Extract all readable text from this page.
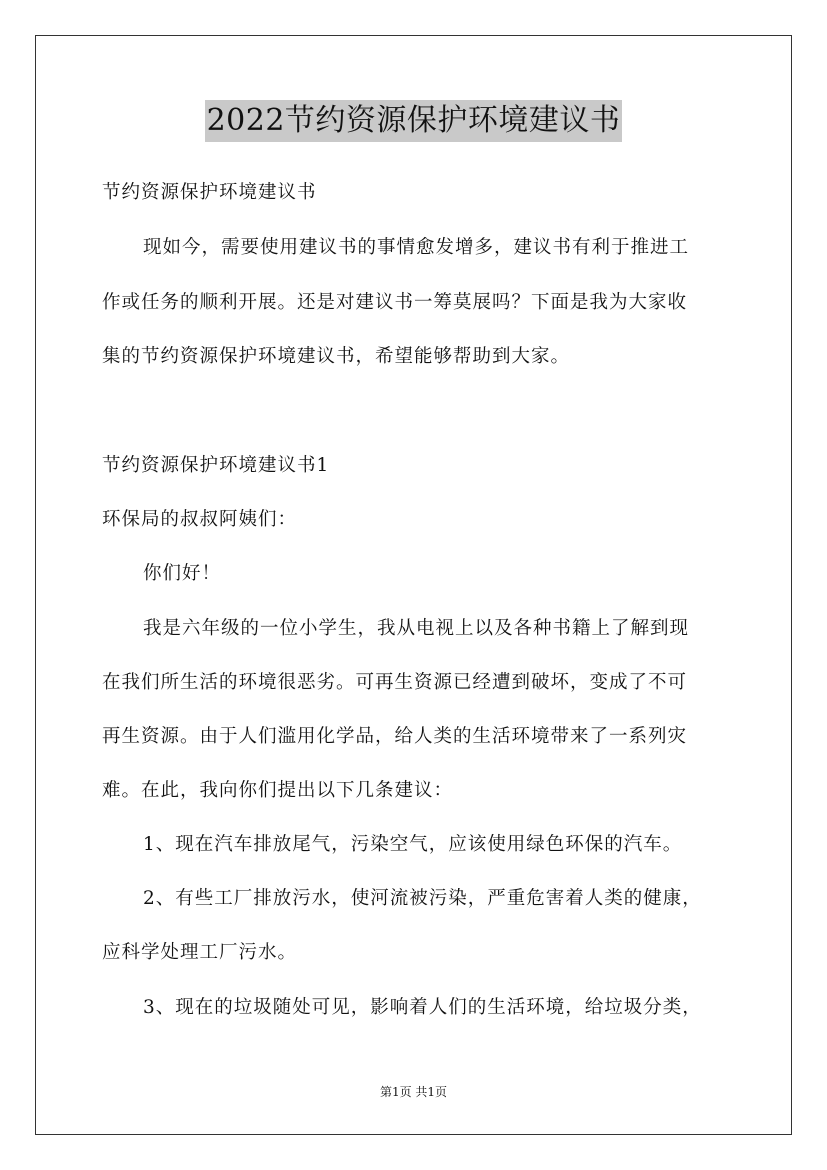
2022节约资源保护环境建议书
节约资源保护环境建议书
现如今，需要使用建议书的事情愈发增多，建议书有利于推进工
作或任务的顺利开展。还是对建议书一筹莫展吗？下面是我为大家收
集的节约资源保护环境建议书，希望能够帮助到大家。
节约资源保护环境建议书1
环保局的叔叔阿姨们：
你们好！
我是六年级的一位小学生，我从电视上以及各种书籍上了解到现
在我们所生活的环境很恶劣。可再生资源已经遭到破坏，变成了不可
再生资源。由于人们滥用化学品，给人类的生活环境带来了一系列灾
难。在此，我向你们提出以下几条建议：
1、现在汽车排放尾气，污染空气，应该使用绿色环保的汽车。
2、有些工厂排放污水，使河流被污染，严重危害着人类的健康，
应科学处理工厂污水。
3、现在的垃圾随处可见，影响着人们的生活环境，给垃圾分类，
第1页 共1页
